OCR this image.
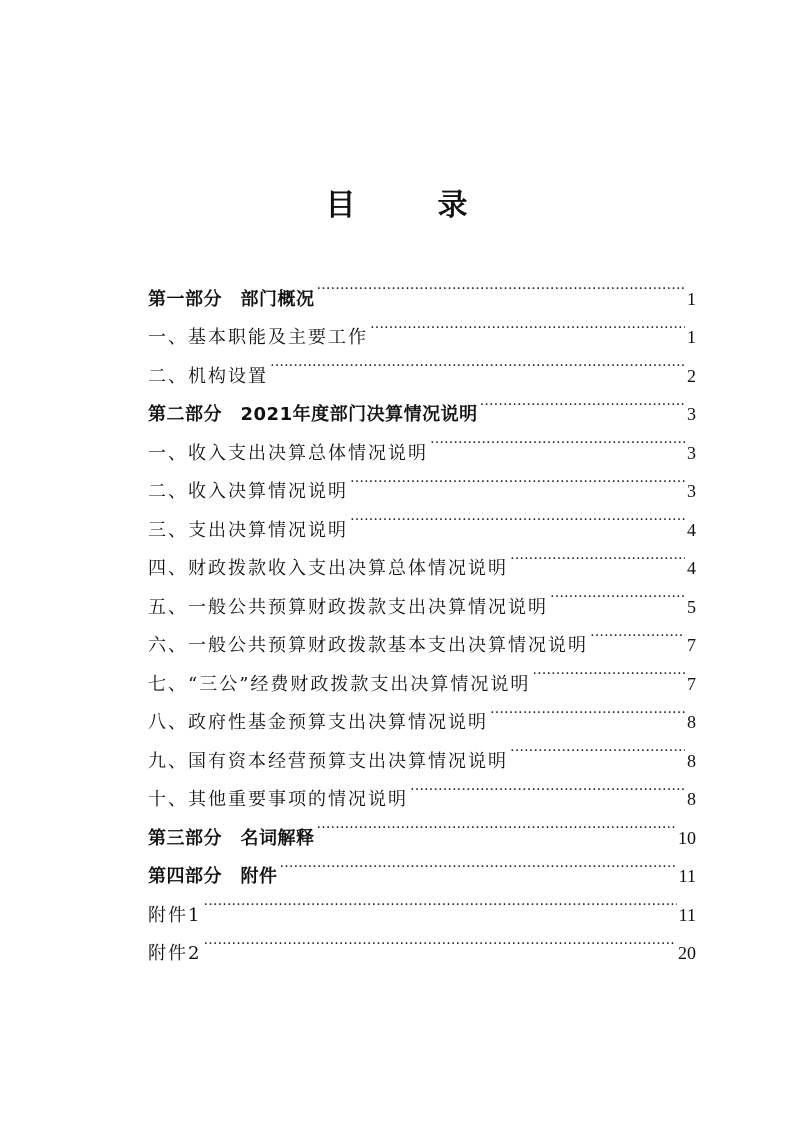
目　录
第一部分　部门概况 ……………………………………………………………………………………………………………………………………	1
一、基本职能及主要工作 ……………………………………………………………………………………………………………………………………	1
二、机构设置 ……………………………………………………………………………………………………………………………………	2
第二部分　2021年度部门决算情况说明 ……………………………………………………………………………………………………………………………………	3
一、收入支出决算总体情况说明 ……………………………………………………………………………………………………………………………………	3
二、收入决算情况说明 ……………………………………………………………………………………………………………………………………	3
三、支出决算情况说明 ……………………………………………………………………………………………………………………………………	4
四、财政拨款收入支出决算总体情况说明 ……………………………………………………………………………………………………………………………………	4
五、一般公共预算财政拨款支出决算情况说明 ……………………………………………………………………………………………………………………………………	5
六、一般公共预算财政拨款基本支出决算情况说明 ……………………………………………………………………………………………………………………………………	7
七、“三公”经费财政拨款支出决算情况说明 ……………………………………………………………………………………………………………………………………	7
八、政府性基金预算支出决算情况说明 ……………………………………………………………………………………………………………………………………	8
九、国有资本经营预算支出决算情况说明 ……………………………………………………………………………………………………………………………………	8
十、其他重要事项的情况说明 ……………………………………………………………………………………………………………………………………	8
第三部分　名词解释 ……………………………………………………………………………………………………………………………………	10
第四部分　附件 ……………………………………………………………………………………………………………………………………	11
附件1 ……………………………………………………………………………………………………………………………………	11
附件2 ……………………………………………………………………………………………………………………………………	20
